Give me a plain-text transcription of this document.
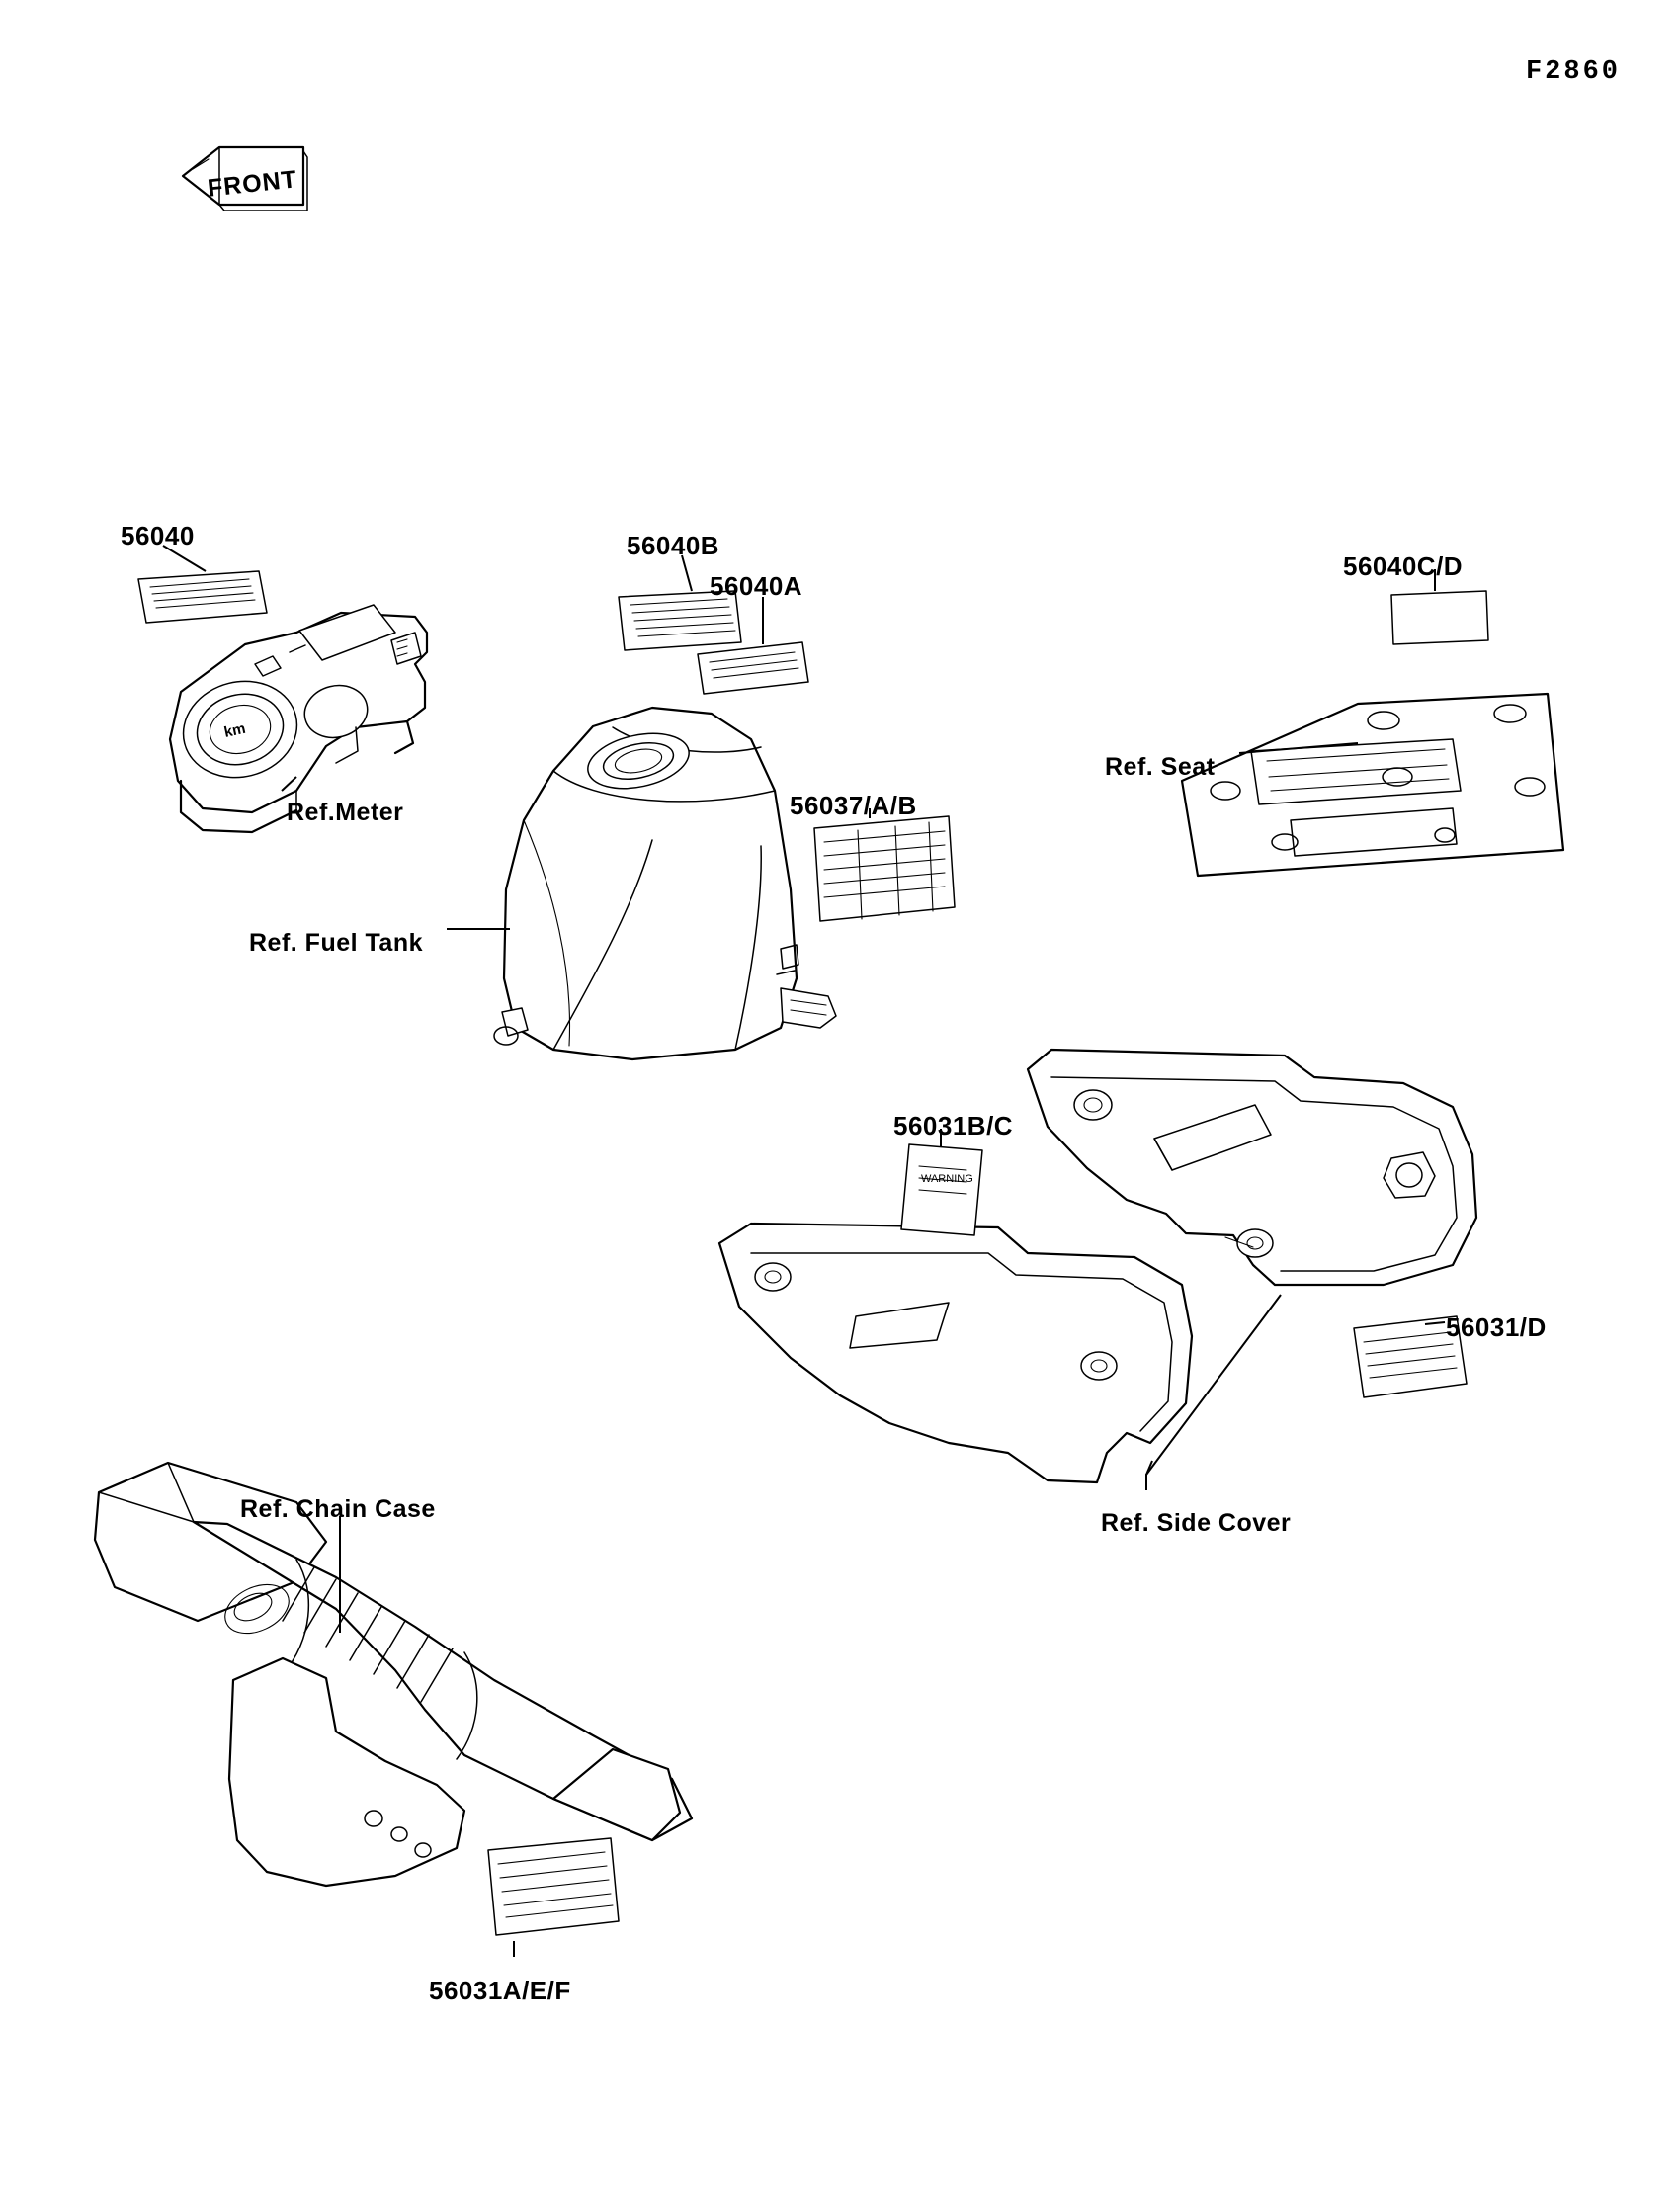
F2860
FRONT
km
WARNING
56040	56040B
56040A
56040C/D
56037/A/B
56031B/C
56031/D
56031A/E/F
Ref.Meter
Ref. Fuel Tank
Ref. Seat
Ref. Side Cover
Ref. Chain Case
